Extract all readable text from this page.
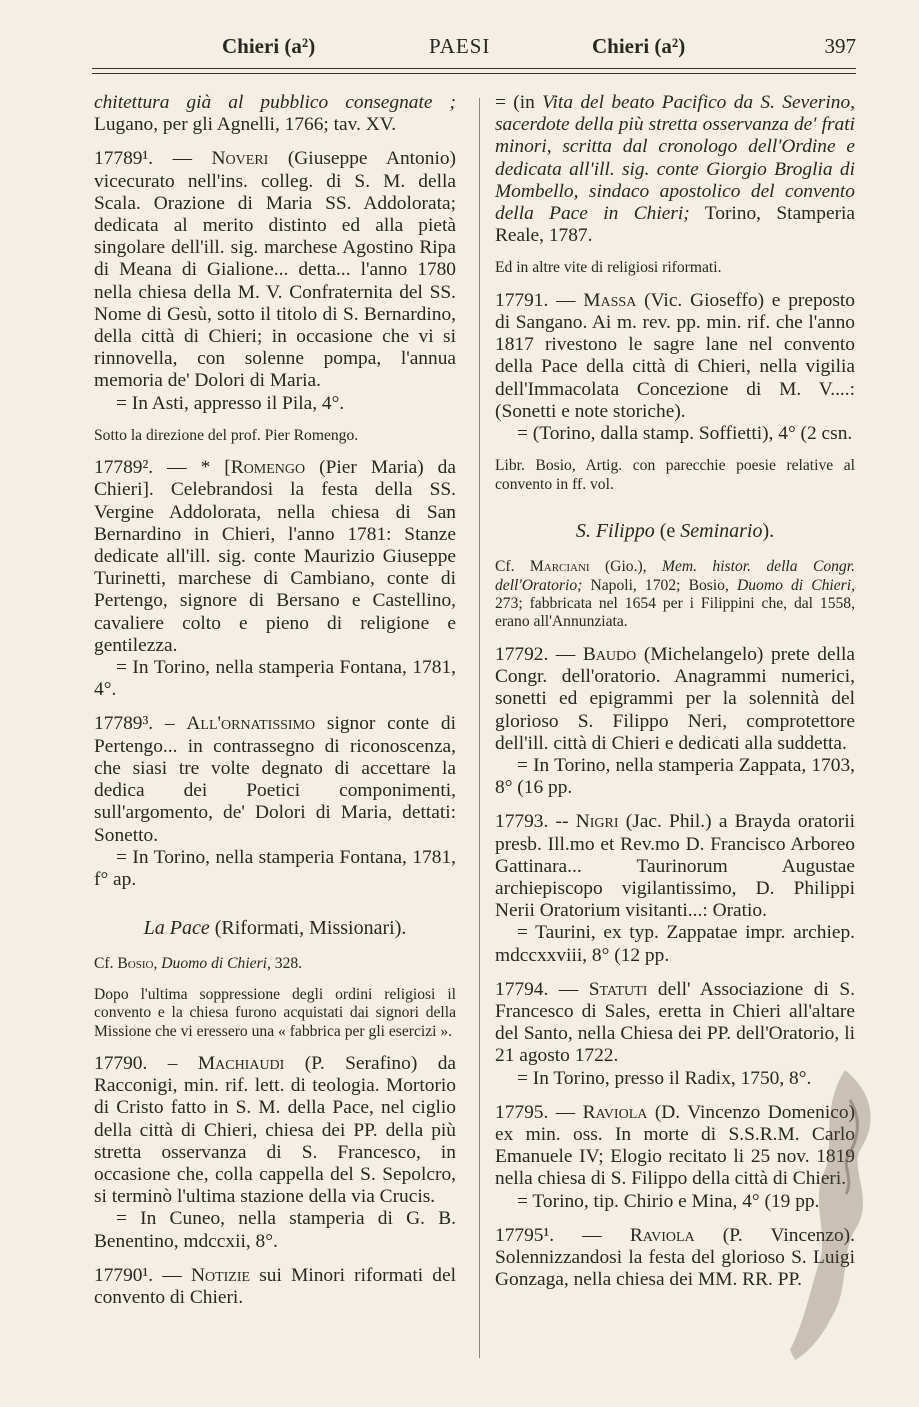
Chieri (a²)	PAESI	Chieri (a²)	397

chitettura già al pubblico consegnate ; Lugano, per gli Agnelli, 1766; tav. XV.

17789¹. — Noveri (Giuseppe Antonio) vicecurato nell'ins. colleg. di S. M. della Scala. Orazione di Maria SS. Addolorata; dedicata al merito distinto ed alla pietà singolare dell'ill. sig. marchese Agostino Ripa di Meana di Gialione... detta... l'anno 1780 nella chiesa della M. V. Confraternita del SS. Nome di Gesù, sotto il titolo di S. Bernardino, della città di Chieri; in occasione che vi si rinnovella, con solenne pompa, l'annua memoria de' Dolori di Maria.
= In Asti, appresso il Pila, 4°.

Sotto la direzione del prof. Pier Romengo.

17789². — * [Romengo (Pier Maria) da Chieri]. Celebrandosi la festa della SS. Vergine Addolorata, nella chiesa di San Bernardino in Chieri, l'anno 1781: Stanze dedicate all'ill. sig. conte Maurizio Giuseppe Turinetti, marchese di Cambiano, conte di Pertengo, signore di Bersano e Castellino, cavaliere colto e pieno di religione e gentilezza.
= In Torino, nella stamperia Fontana, 1781, 4°.

17789³. – All'ornatissimo signor conte di Pertengo... in contrassegno di riconoscenza, che siasi tre volte degnato di accettare la dedica dei Poetici componimenti, sull'argomento, de' Dolori di Maria, dettati: Sonetto.
= In Torino, nella stamperia Fontana, 1781, f° ap.

La Pace (Riformati, Missionari).

Cf. Bosio, Duomo di Chieri, 328.

Dopo l'ultima soppressione degli ordini religiosi il convento e la chiesa furono acquistati dai signori della Missione che vi eressero una « fabbrica per gli esercizi ».

17790. – Machiaudi (P. Serafino) da Racconigi, min. rif. lett. di teologia. Mortorio di Cristo fatto in S. M. della Pace, nel ciglio della città di Chieri, chiesa dei PP. della più stretta osservanza di S. Francesco, in occasione che, colla cappella del S. Sepolcro, si terminò l'ultima stazione della via Crucis.
= In Cuneo, nella stamperia di G. B. Benentino, mdccxii, 8°.

17790¹. — Notizie sui Minori riformati del convento di Chieri.

= (in Vita del beato Pacifico da S. Severino, sacerdote della più stretta osservanza de' frati minori, scritta dal cronologo dell'Ordine e dedicata all'ill. sig. conte Giorgio Broglia di Mombello, sindaco apostolico del convento della Pace in Chieri; Torino, Stamperia Reale, 1787.

Ed in altre vite di religiosi riformati.

17791. — Massa (Vic. Gioseffo) e preposto di Sangano. Ai m. rev. pp. min. rif. che l'anno 1817 rivestono le sagre lane nel convento della Pace della città di Chieri, nella vigilia dell'Immacolata Concezione di M. V....: (Sonetti e note storiche).
= (Torino, dalla stamp. Soffietti), 4° (2 csn.

Libr. Bosio, Artig. con parecchie poesie relative al convento in ff. vol.

S. Filippo (e Seminario).

Cf. Marciani (Gio.), Mem. histor. della Congr. dell'Oratorio; Napoli, 1702; Bosio, Duomo di Chieri, 273; fabbricata nel 1654 per i Filippini che, dal 1558, erano all'Annunziata.

17792. — Baudo (Michelangelo) prete della Congr. dell'oratorio. Anagrammi numerici, sonetti ed epigrammi per la solennità del glorioso S. Filippo Neri, comprotettore dell'ill. città di Chieri e dedicati alla suddetta.
= In Torino, nella stamperia Zappata, 1703, 8° (16 pp.

17793. -- Nigri (Jac. Phil.) a Brayda oratorii presb. Ill.mo et Rev.mo D. Francisco Arboreo Gattinara... Taurinorum Augustae archiepiscopo vigilantissimo, D. Philippi Nerii Oratorium visitanti...: Oratio.
= Taurini, ex typ. Zappatae impr. archiep. mdccxxviii, 8° (12 pp.

17794. — Statuti dell' Associazione di S. Francesco di Sales, eretta in Chieri all'altare del Santo, nella Chiesa dei PP. dell'Oratorio, li 21 agosto 1722.
= In Torino, presso il Radix, 1750, 8°.

17795. — Raviola (D. Vincenzo Domenico) ex min. oss. In morte di S.S.R.M. Carlo Emanuele IV; Elogio recitato li 25 nov. 1819 nella chiesa di S. Filippo della città di Chieri.
= Torino, tip. Chirio e Mina, 4° (19 pp.

17795¹. — Raviola (P. Vincenzo). Solennizzandosi la festa del glorioso S. Luigi Gonzaga, nella chiesa dei MM. RR. PP.
